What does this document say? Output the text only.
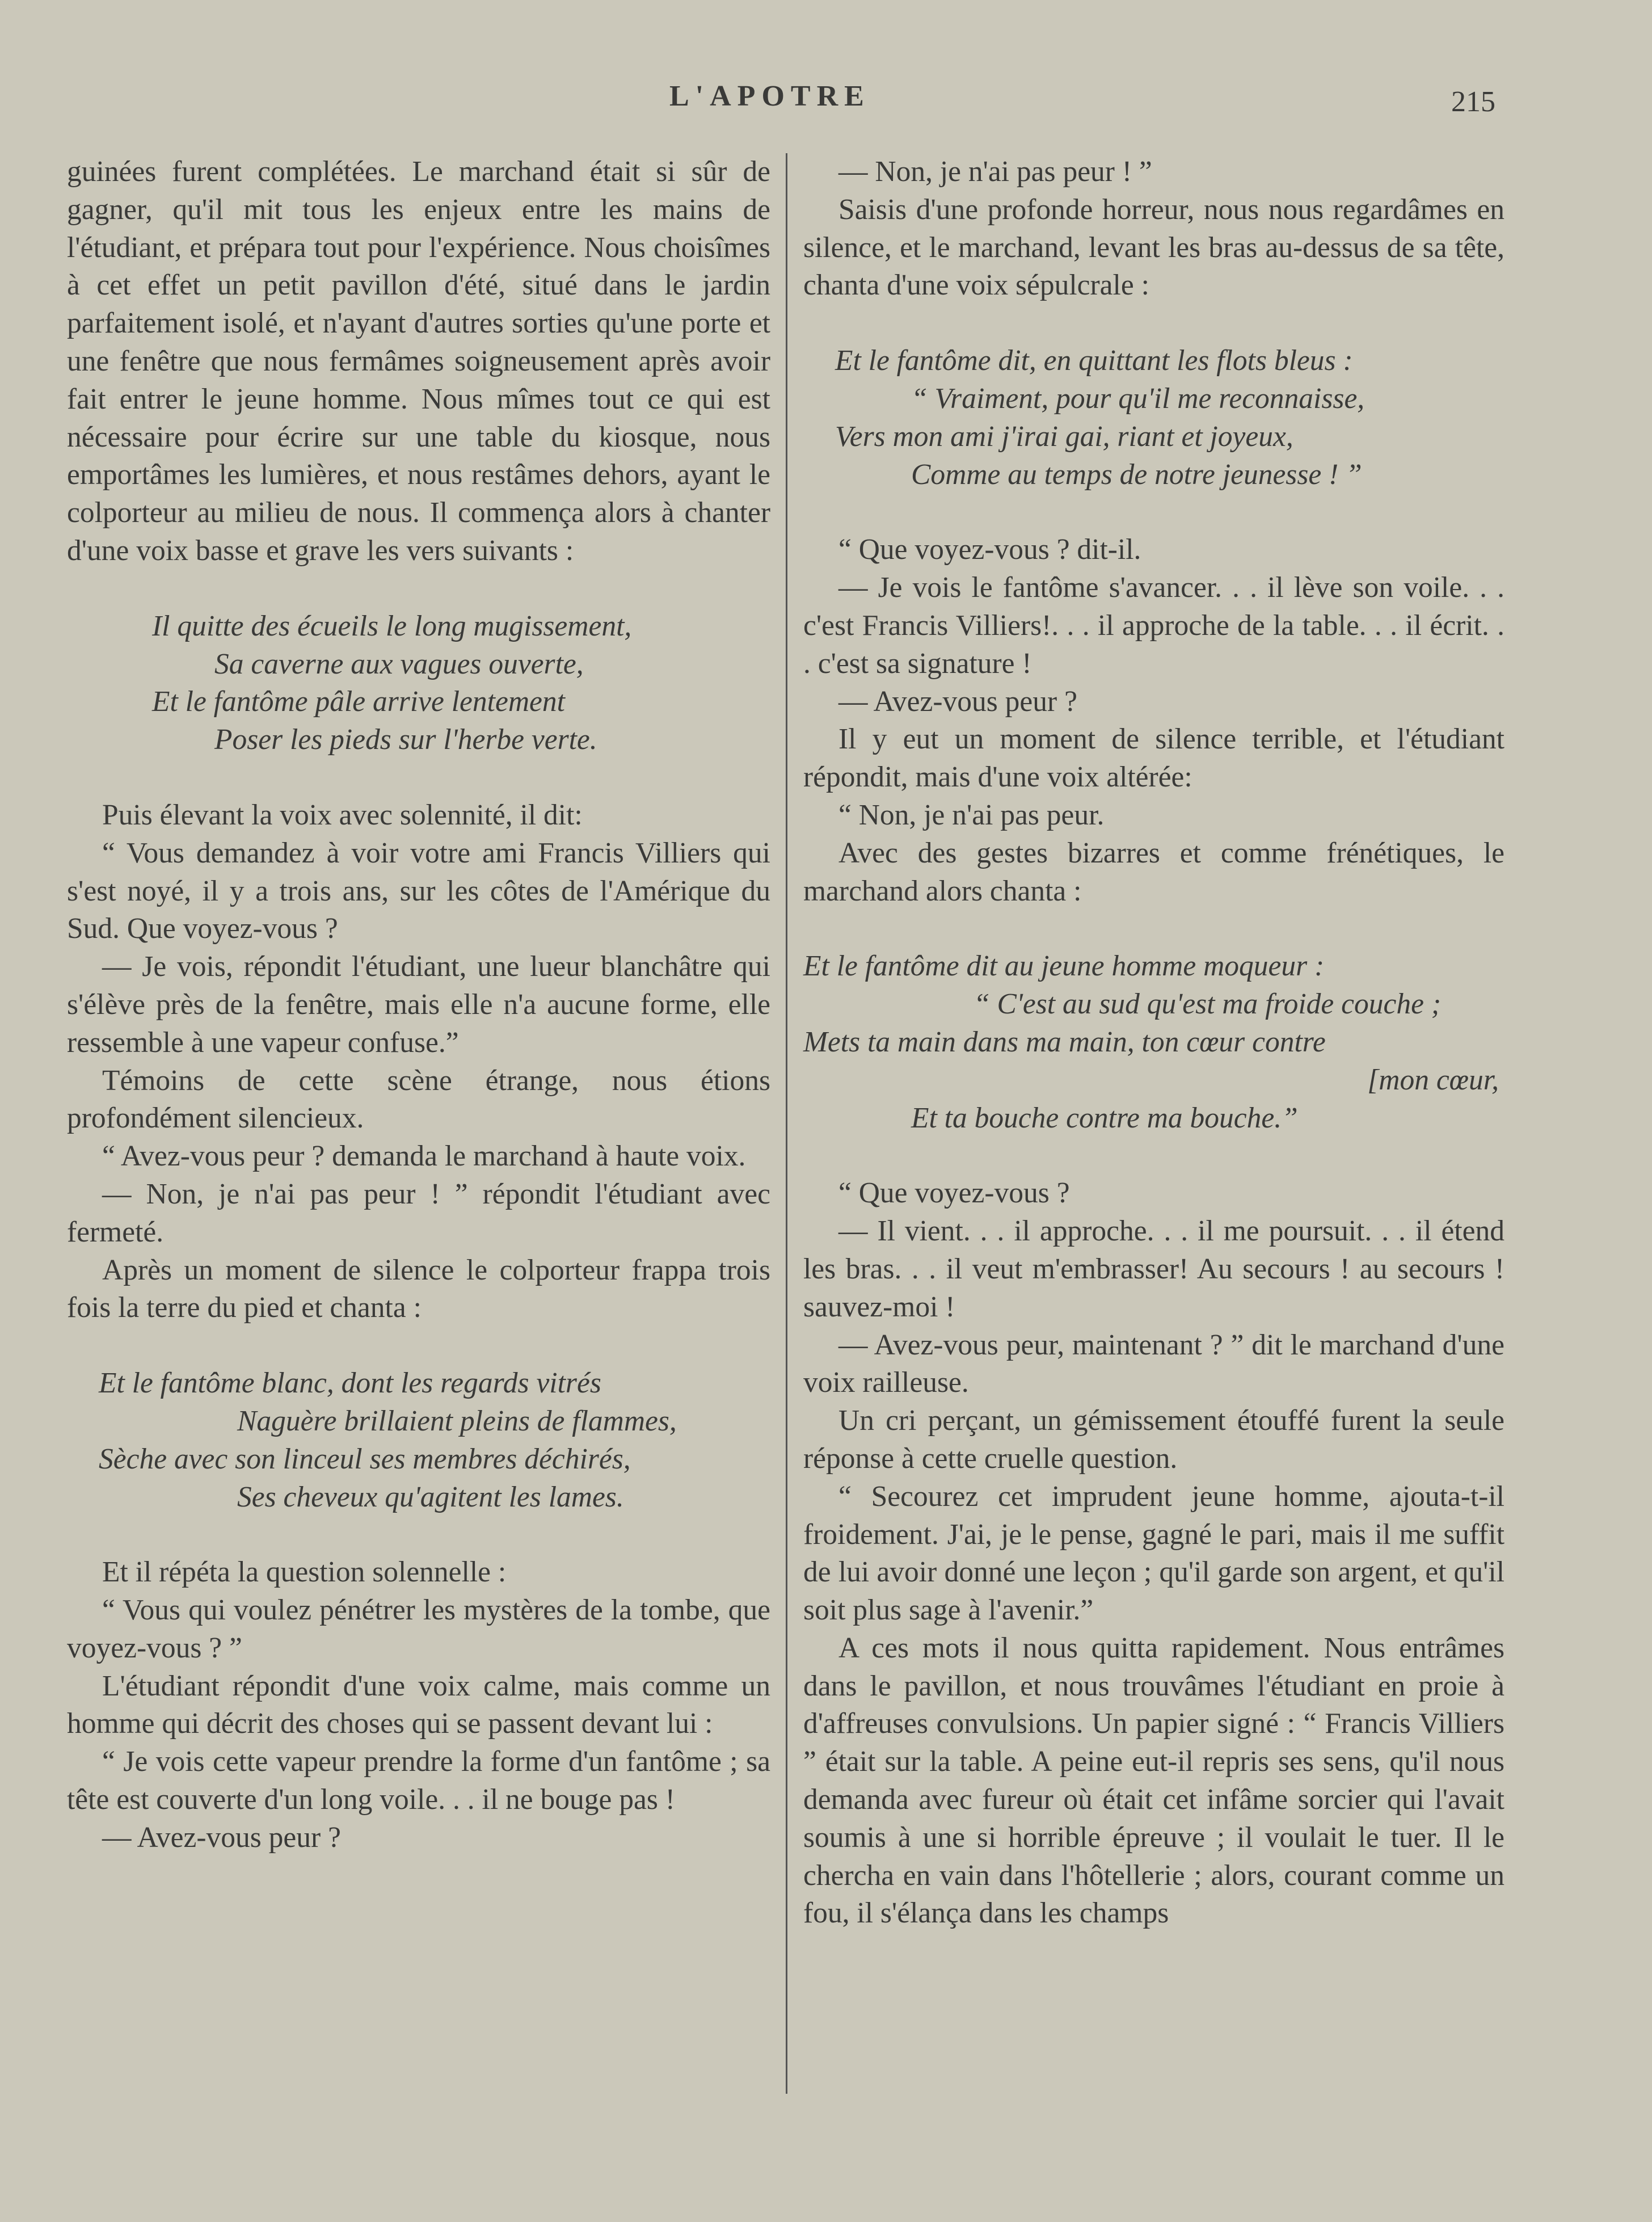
L'APOTRE	215

guinées furent complétées. Le marchand était si sûr de gagner, qu'il mit tous les enjeux entre les mains de l'étudiant, et prépara tout pour l'expérience. Nous choisîmes à cet effet un petit pavillon d'été, situé dans le jardin parfaitement isolé, et n'ayant d'autres sorties qu'une porte et une fenêtre que nous fermâmes soigneusement après avoir fait entrer le jeune homme. Nous mîmes tout ce qui est nécessaire pour écrire sur une table du kiosque, nous emportâmes les lumières, et nous restâmes dehors, ayant le colporteur au milieu de nous. Il commença alors à chanter d'une voix basse et grave les vers suivants :

Il quitte des écueils le long mugissement,
Sa caverne aux vagues ouverte,
Et le fantôme pâle arrive lentement
Poser les pieds sur l'herbe verte.

Puis élevant la voix avec solennité, il dit:

“ Vous demandez à voir votre ami Francis Villiers qui s'est noyé, il y a trois ans, sur les côtes de l'Amérique du Sud. Que voyez-vous ?

— Je vois, répondit l'étudiant, une lueur blanchâtre qui s'élève près de la fenêtre, mais elle n'a aucune forme, elle ressemble à une vapeur confuse.”

Témoins de cette scène étrange, nous étions profondément silencieux.

“ Avez-vous peur ? demanda le marchand à haute voix.

— Non, je n'ai pas peur ! ” répondit l'étudiant avec fermeté.

Après un moment de silence le colporteur frappa trois fois la terre du pied et chanta :

Et le fantôme blanc, dont les regards vitrés
Naguère brillaient pleins de flammes,
Sèche avec son linceul ses membres déchirés,
Ses cheveux qu'agitent les lames.

Et il répéta la question solennelle :

“ Vous qui voulez pénétrer les mystères de la tombe, que voyez-vous ? ”

L'étudiant répondit d'une voix calme, mais comme un homme qui décrit des choses qui se passent devant lui :

“ Je vois cette vapeur prendre la forme d'un fantôme ; sa tête est couverte d'un long voile. . . il ne bouge pas !

— Avez-vous peur ?

— Non, je n'ai pas peur ! ”

Saisis d'une profonde horreur, nous nous regardâmes en silence, et le marchand, levant les bras au-dessus de sa tête, chanta d'une voix sépulcrale :

Et le fantôme dit, en quittant les flots bleus :
“ Vraiment, pour qu'il me reconnaisse,
Vers mon ami j'irai gai, riant et joyeux,
Comme au temps de notre jeunesse ! ”

“ Que voyez-vous ? dit-il.

— Je vois le fantôme s'avancer. . . il lève son voile. . . c'est Francis Villiers!. . . il approche de la table. . . il écrit. . . c'est sa signature !

— Avez-vous peur ?

Il y eut un moment de silence terrible, et l'étudiant répondit, mais d'une voix altérée:

“ Non, je n'ai pas peur.

Avec des gestes bizarres et comme frénétiques, le marchand alors chanta :

Et le fantôme dit au jeune homme moqueur :
“ C'est au sud qu'est ma froide couche ;
Mets ta main dans ma main, ton cœur contre
[mon cœur,
Et ta bouche contre ma bouche.”

“ Que voyez-vous ?

— Il vient. . . il approche. . . il me poursuit. . . il étend les bras. . . il veut m'embrasser! Au secours ! au secours ! sauvez-moi !

— Avez-vous peur, maintenant ? ” dit le marchand d'une voix railleuse.

Un cri perçant, un gémissement étouffé furent la seule réponse à cette cruelle question.

“ Secourez cet imprudent jeune homme, ajouta-t-il froidement. J'ai, je le pense, gagné le pari, mais il me suffit de lui avoir donné une leçon ; qu'il garde son argent, et qu'il soit plus sage à l'avenir.”

A ces mots il nous quitta rapidement. Nous entrâmes dans le pavillon, et nous trouvâmes l'étudiant en proie à d'affreuses convulsions. Un papier signé : “ Francis Villiers ” était sur la table. A peine eut-il repris ses sens, qu'il nous demanda avec fureur où était cet infâme sorcier qui l'avait soumis à une si horrible épreuve ; il voulait le tuer. Il le chercha en vain dans l'hôtellerie ; alors, courant comme un fou, il s'élança dans les champs
